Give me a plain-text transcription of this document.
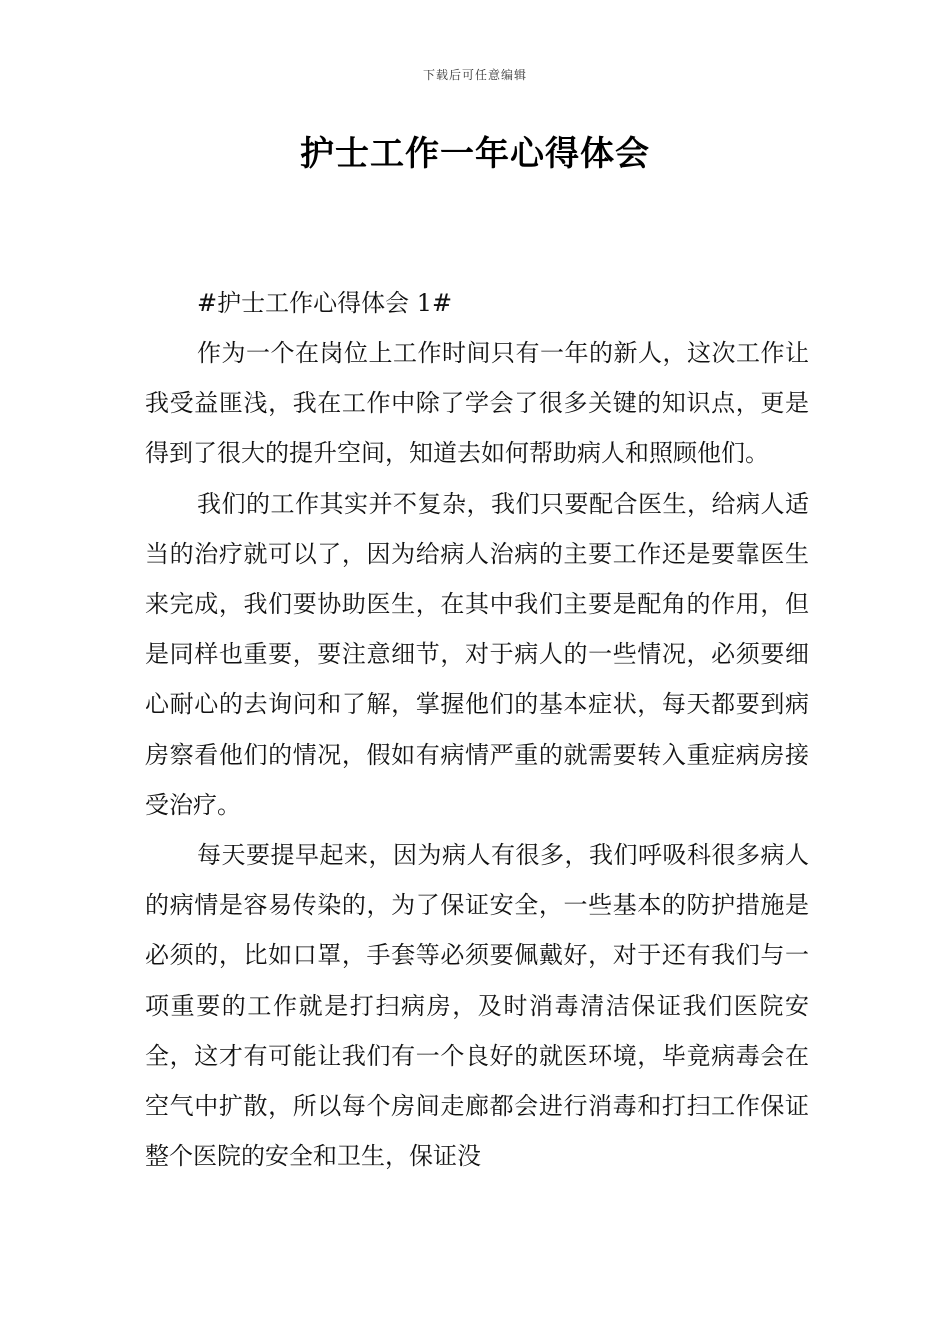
下载后可任意编辑
护士工作一年心得体会

#护士工作心得体会 1#

作为一个在岗位上工作时间只有一年的新人，这次工作让我受益匪浅，我在工作中除了学会了很多关键的知识点，更是得到了很大的提升空间，知道去如何帮助病人和照顾他们。

我们的工作其实并不复杂，我们只要配合医生，给病人适当的治疗就可以了，因为给病人治病的主要工作还是要靠医生来完成，我们要协助医生，在其中我们主要是配角的作用，但是同样也重要，要注意细节，对于病人的一些情况，必须要细心耐心的去询问和了解，掌握他们的基本症状，每天都要到病房察看他们的情况，假如有病情严重的就需要转入重症病房接受治疗。

每天要提早起来，因为病人有很多，我们呼吸科很多病人的病情是容易传染的，为了保证安全，一些基本的防护措施是必须的，比如口罩，手套等必须要佩戴好，对于还有我们与一项重要的工作就是打扫病房，及时消毒清洁保证我们医院安全，这才有可能让我们有一个良好的就医环境，毕竟病毒会在空气中扩散，所以每个房间走廊都会进行消毒和打扫工作保证整个医院的安全和卫生，保证没
